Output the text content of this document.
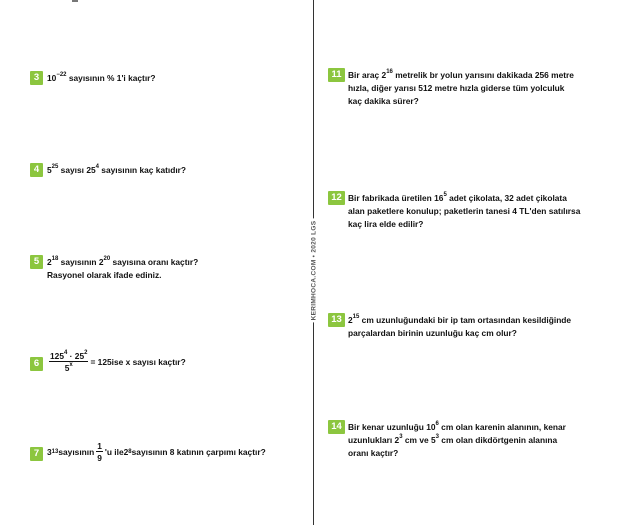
KERIMHOCA.COM • 2020 LGS
3 $10^{-22}$ sayısının % 1'i kaçtır?
4 $5^{25}$ sayısı $25^4$ sayısının kaç katıdır?
5 $2^{18}$ sayısının $2^{20}$ sayısına oranı kaçtır?
Rasyonel olarak ifade ediniz.
6	$\frac{125^4 \cdot 25^2}{5^x} = 125$ ise x sayısı kaçtır?
7 3 13 sayısının $\frac{1}{9}$ 'u ile 2 8 sayısının 8 katının çarpımı kaçtır?
11 Bir araç $2^{16}$ metrelik br yolun yarısını dakikada 256 metre
hızla, diğer yarısı 512 metre hızla giderse tüm yolculuk
kaç dakika sürer?
12 Bir fabrikada üretilen $16^5$ adet çikolata, 32 adet çikolata
alan paketlere konulup; paketlerin tanesi 4 TL'den satılırsa
kaç lira elde edilir?
13 $2^{15}$ cm uzunluğundaki bir ip tam ortasından kesildiğinde
parçalardan birinin uzunluğu kaç cm olur?
14 Bir kenar uzunluğu $10^6$ cm olan karenin alanının, kenar
uzunlukları $2^3$ cm ve $5^3$ cm olan dikdörtgenin alanına
oranı kaçtır?
